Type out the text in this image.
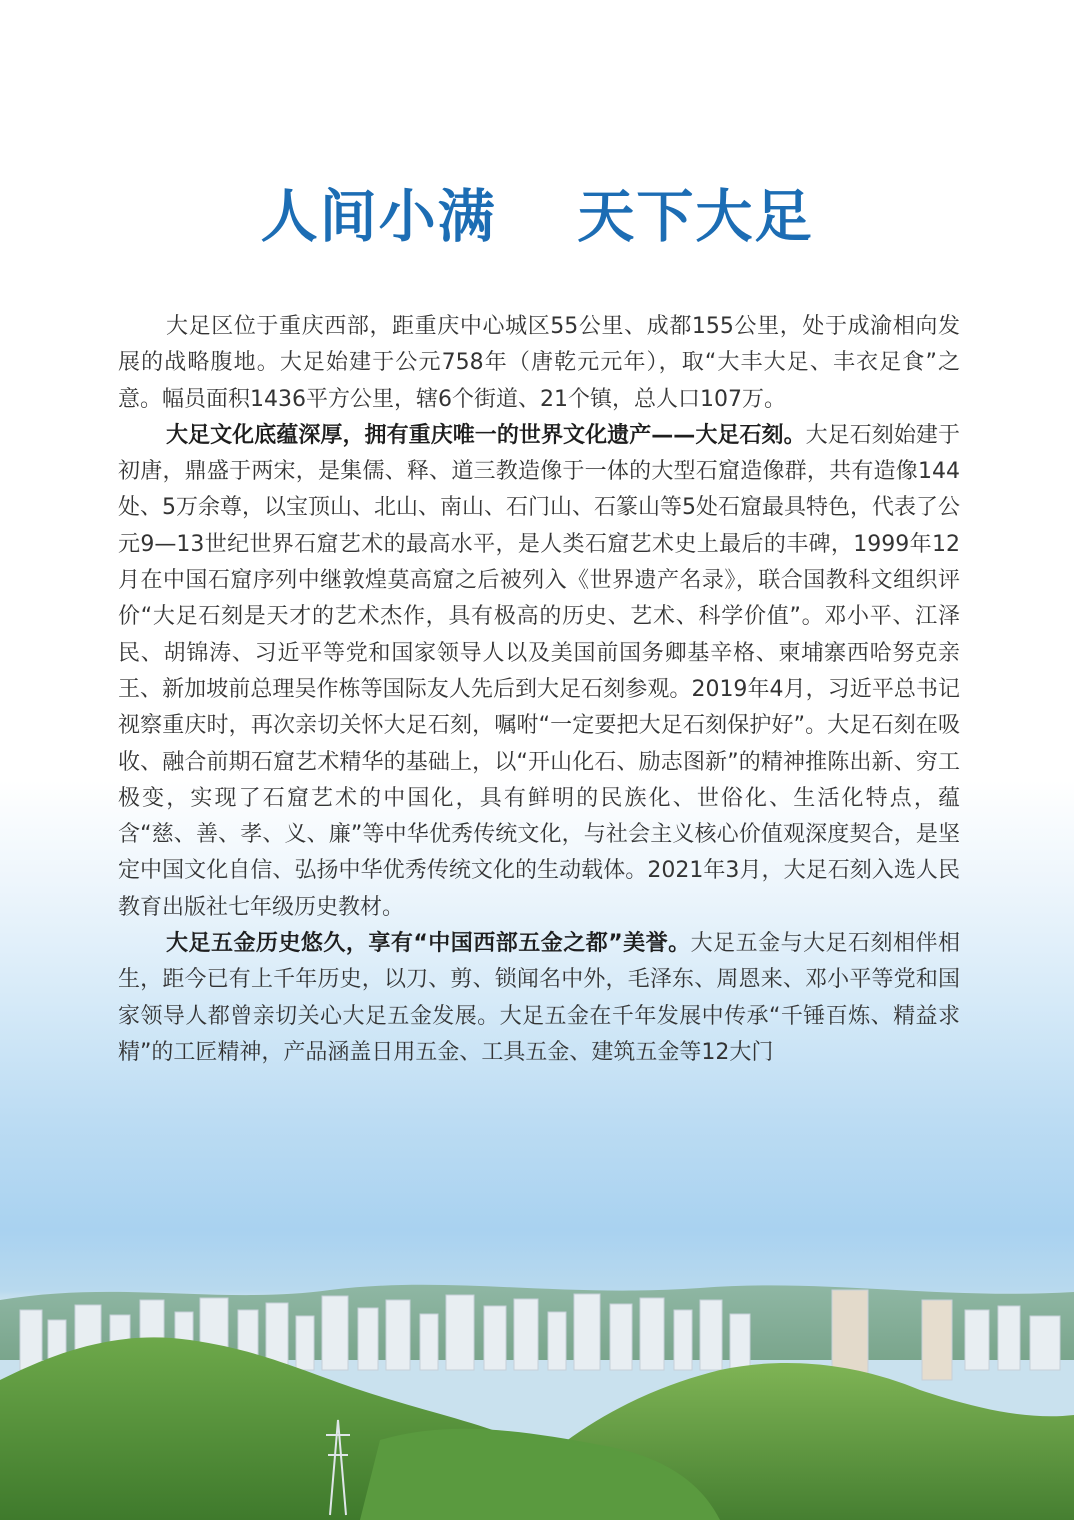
人间小满　 天下大足

大足区位于重庆西部，距重庆中心城区55公里、成都155公里，处于成渝相向发展的战略腹地。大足始建于公元758年（唐乾元元年），取“大丰大足、丰衣足食”之意。幅员面积1436平方公里，辖6个街道、21个镇，总人口107万。

大足文化底蕴深厚，拥有重庆唯一的世界文化遗产——大足石刻。大足石刻始建于初唐，鼎盛于两宋，是集儒、释、道三教造像于一体的大型石窟造像群，共有造像144处、5万余尊，以宝顶山、北山、南山、石门山、石篆山等5处石窟最具特色，代表了公元9—13世纪世界石窟艺术的最高水平，是人类石窟艺术史上最后的丰碑，1999年12月在中国石窟序列中继敦煌莫高窟之后被列入《世界遗产名录》，联合国教科文组织评价“大足石刻是天才的艺术杰作，具有极高的历史、艺术、科学价值”。邓小平、江泽民、胡锦涛、习近平等党和国家领导人以及美国前国务卿基辛格、柬埔寨西哈努克亲王、新加坡前总理吴作栋等国际友人先后到大足石刻参观。2019年4月，习近平总书记视察重庆时，再次亲切关怀大足石刻，嘱咐“一定要把大足石刻保护好”。大足石刻在吸收、融合前期石窟艺术精华的基础上，以“开山化石、励志图新”的精神推陈出新、穷工极变，实现了石窟艺术的中国化，具有鲜明的民族化、世俗化、生活化特点，蕴含“慈、善、孝、义、廉”等中华优秀传统文化，与社会主义核心价值观深度契合，是坚定中国文化自信、弘扬中华优秀传统文化的生动载体。2021年3月，大足石刻入选人民教育出版社七年级历史教材。

大足五金历史悠久，享有“中国西部五金之都”美誉。大足五金与大足石刻相伴相生，距今已有上千年历史，以刀、剪、锁闻名中外，毛泽东、周恩来、邓小平等党和国家领导人都曾亲切关心大足五金发展。大足五金在千年发展中传承“千锤百炼、精益求精”的工匠精神，产品涵盖日用五金、工具五金、建筑五金等12大门
